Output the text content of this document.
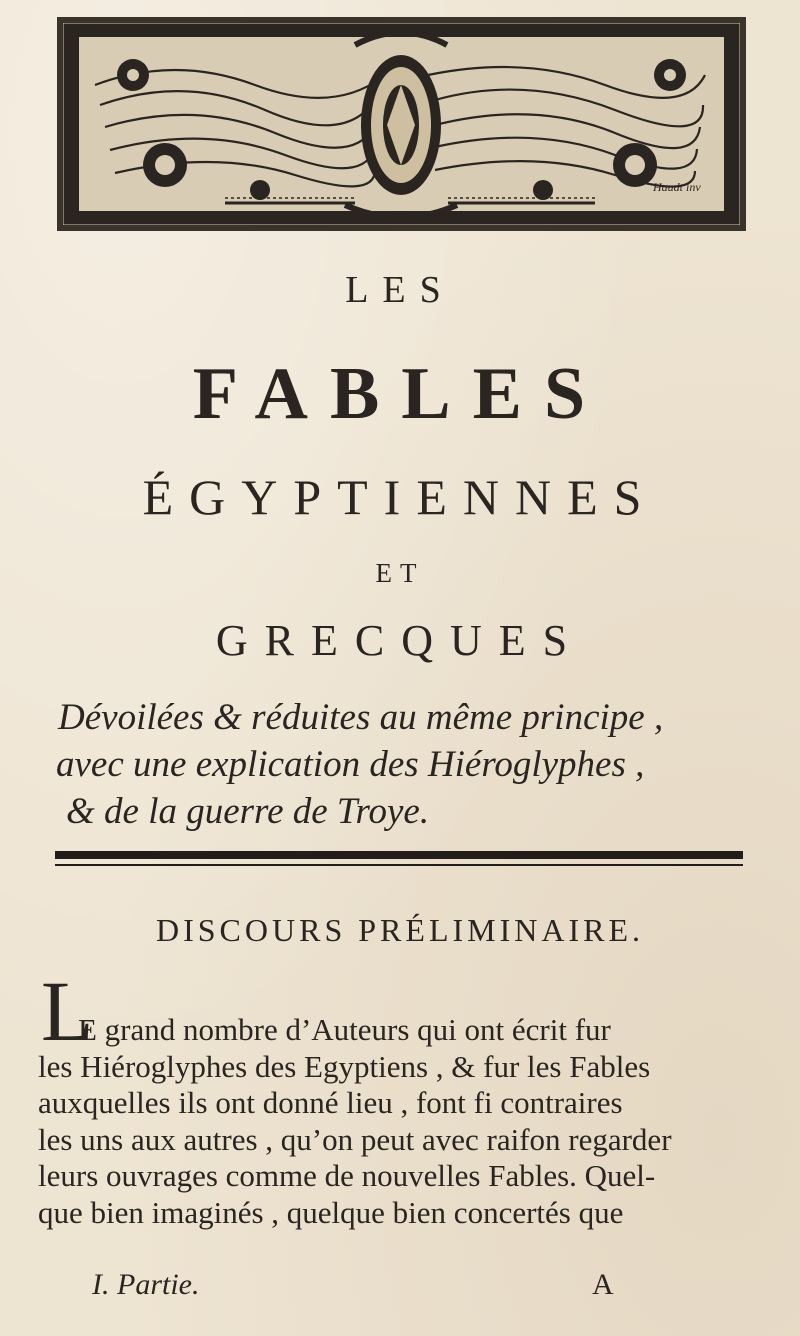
Haudt inv
LES
FABLES
ÉGYPTIENNES
ET
GRECQUES
Dévoilées & réduites au même principe ,
avec une explication des Hiéroglyphes ,
& de la guerre de Troye.
DISCOURS PRÉLIMINAIRE.
L
E grand nombre d’Auteurs qui ont écrit fur
les Hiéroglyphes des Egyptiens , & fur les Fables
auxquelles ils ont donné lieu , font fi contraires
les uns aux autres , qu’on peut avec raifon regarder
leurs ouvrages comme de nouvelles Fables. Quel-
que bien imaginés , quelque bien concertés que
I. Partie.	A
